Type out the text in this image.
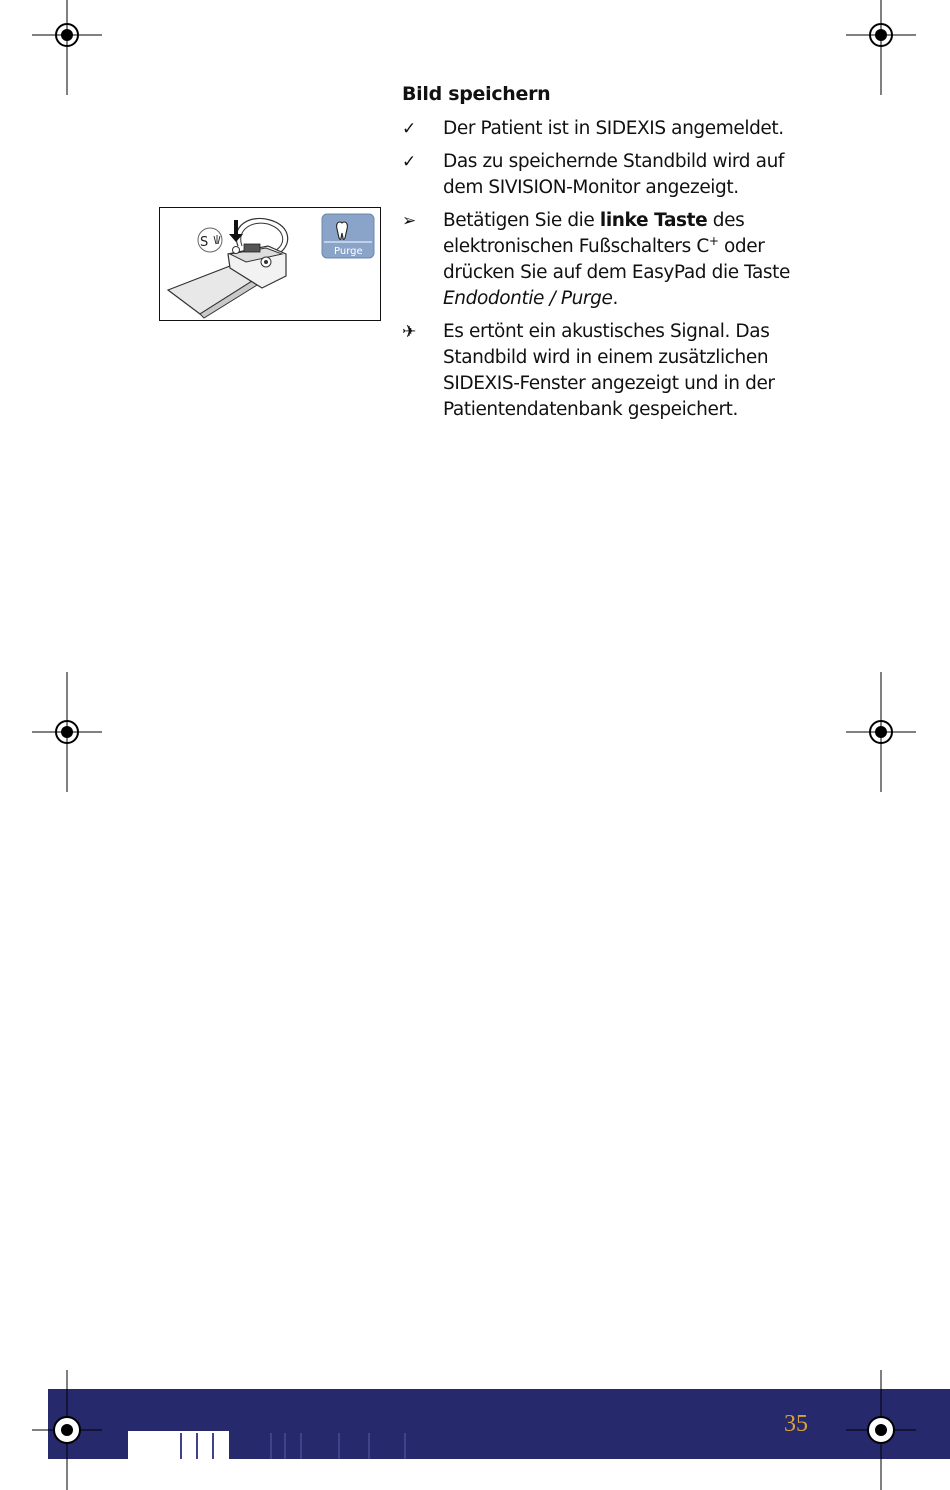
Bild speichern
✓	Der Patient ist in SIDEXIS angemeldet.
✓	Das zu speichernde Standbild wird auf dem SIVISION-Monitor angezeigt.
➢	Betätigen Sie die linke Taste des elektronischen Fußschalters C+ oder drücken Sie auf dem EasyPad die Taste Endodontie / Purge.
✈	Es ertönt ein akustisches Signal. Das Standbild wird in einem zusätzlichen SIDEXIS-Fenster angezeigt und in der Patientendatenbank gespeichert.
S
Purge
35
